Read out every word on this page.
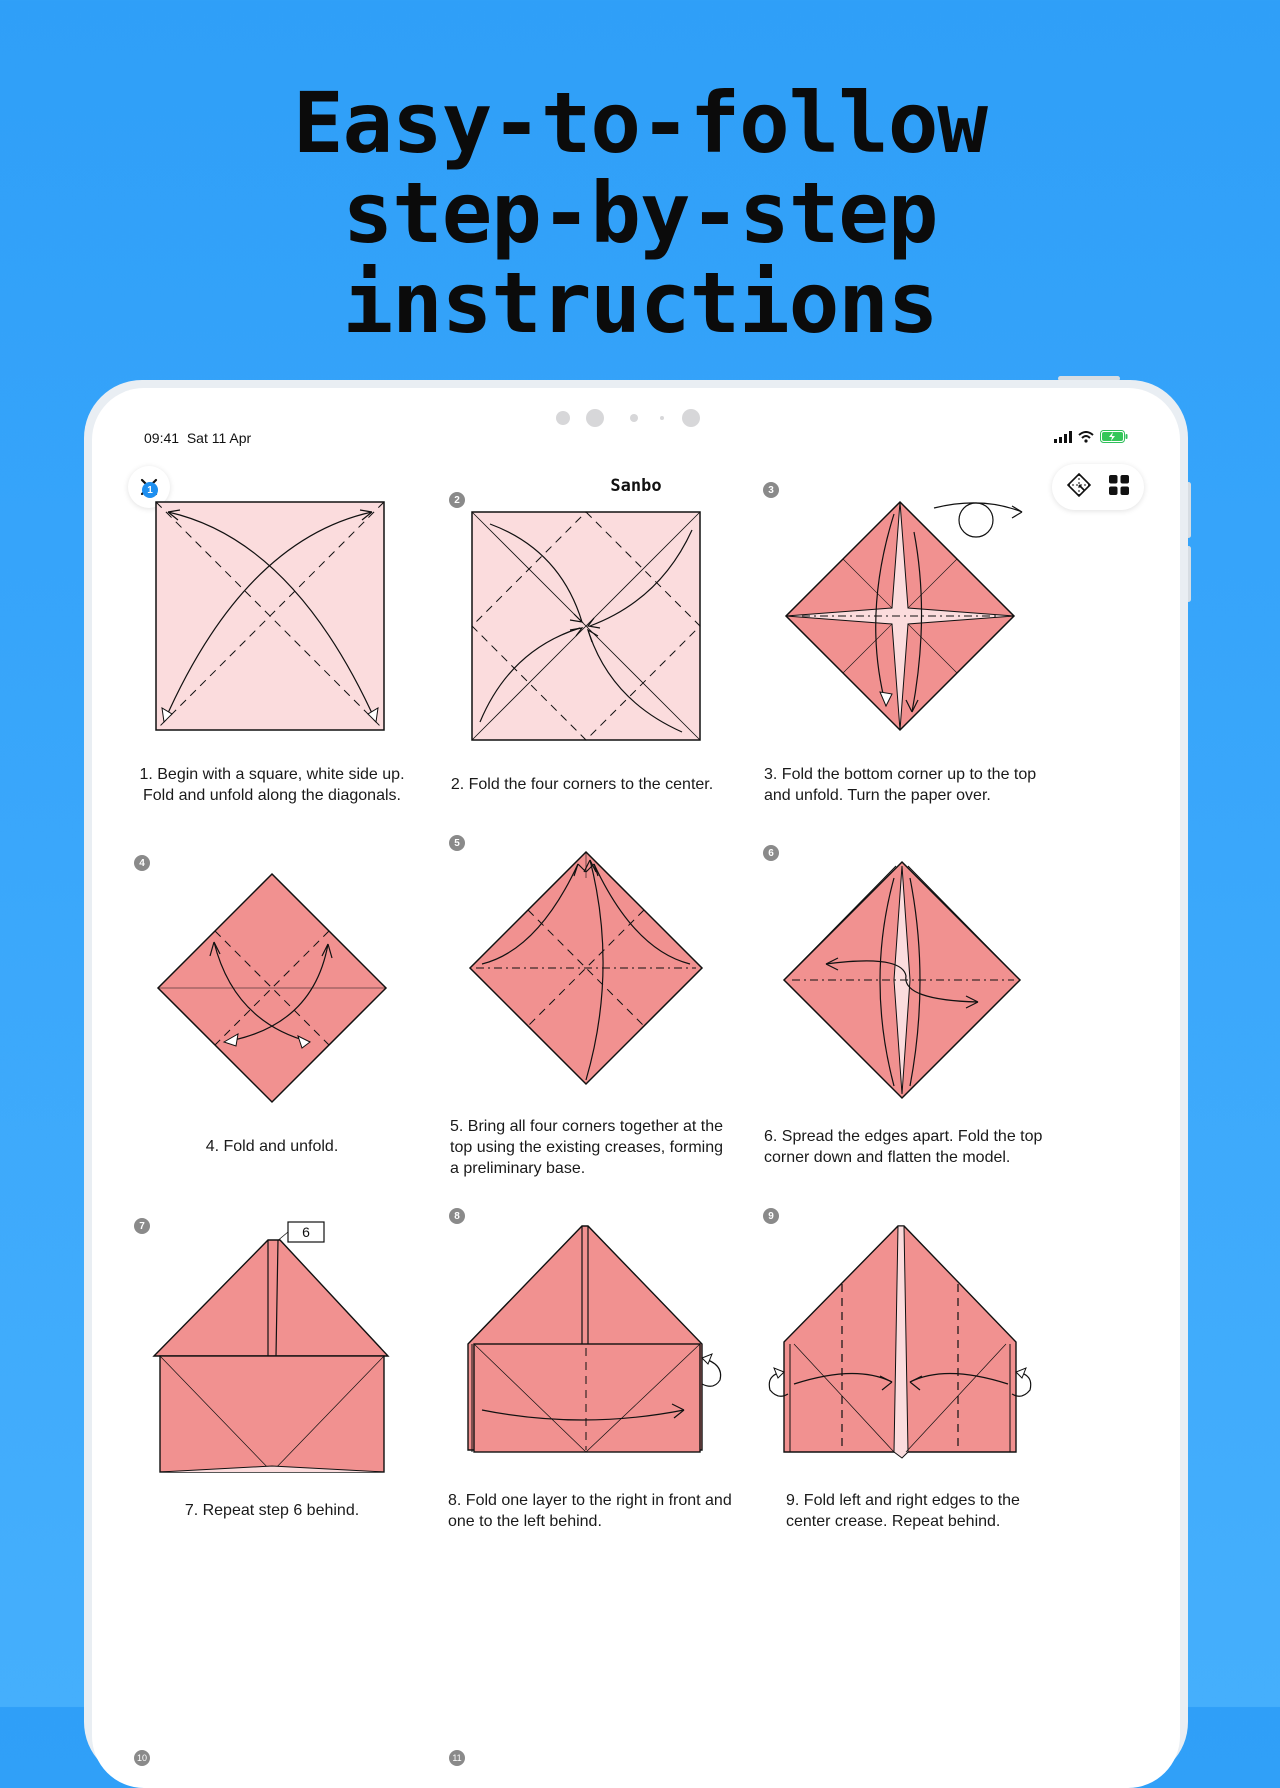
Easy-to-follow
step-by-step
instructions
09:41 Sat 11 Apr
Sanbo
1
1. Begin with a square, white side up.
Fold and unfold along the diagonals.
2
2. Fold the four corners to the center.
3
3. Fold the bottom corner up to the top
and unfold. Turn the paper over.
4
4. Fold and unfold.
5
5. Bring all four corners together at the
top using the existing creases, forming
a preliminary base.
6
6. Spread the edges apart. Fold the top
corner down and flatten the model.
7	6
7. Repeat step 6 behind.
8
8. Fold one layer to the right in front and
one to the left behind.
9
9. Fold left and right edges to the
center crease. Repeat behind.
10	11
